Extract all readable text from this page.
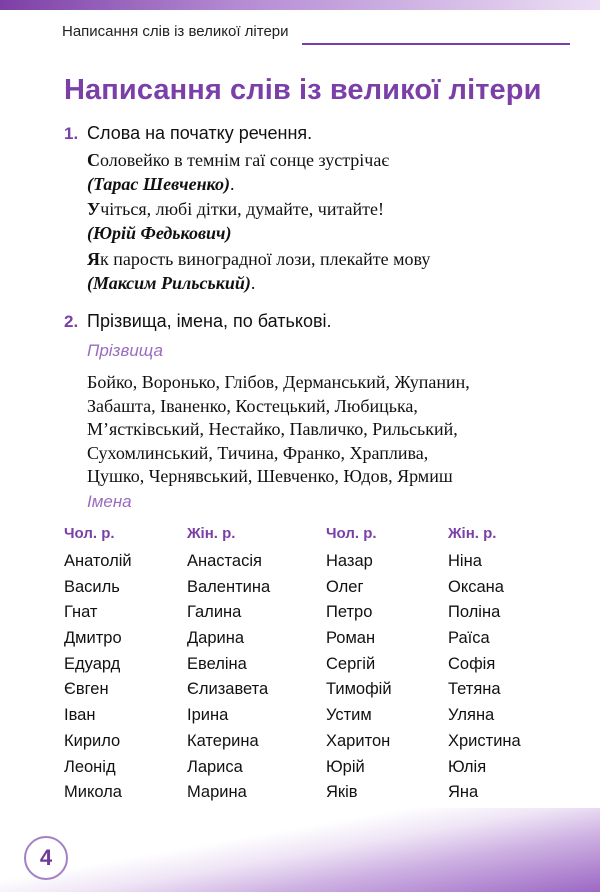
Написання слів із великої літери
Написання слів із великої літери
1. Слова на початку речення.
Соловейко в темнім гаї сонце зустрічає
(Тарас Шевченко).
Учіться, любі дітки, думайте, читайте!
(Юрій Федькович)
Як парость виноградної лози, плекайте мову
(Максим Рильський).
2. Прізвища, імена, по батькові.
Прізвища
Бойко, Воронько, Глібов, Дерманський, Жупанин,
Забашта, Іваненко, Костецький, Любицька,
М’ястківський, Нестайко, Павличко, Рильський,
Сухомлинський, Тичина, Франко, Храплива,
Цушко, Чернявський, Шевченко, Юдов, Ярмиш
Імена
Чол. р.
Анатолій
Василь
Гнат
Дмитро
Едуард
Євген
Іван
Кирило
Леонід
Микола
Жін. р.
Анастасія
Валентина
Галина
Дарина
Евеліна
Єлизавета
Ірина
Катерина
Лариса
Марина
Чол. р.
Назар
Олег
Петро
Роман
Сергій
Тимофій
Устим
Харитон
Юрій
Яків
Жін. р.
Ніна
Оксана
Поліна
Раїса
Софія
Тетяна
Уляна
Христина
Юлія
Яна
4
